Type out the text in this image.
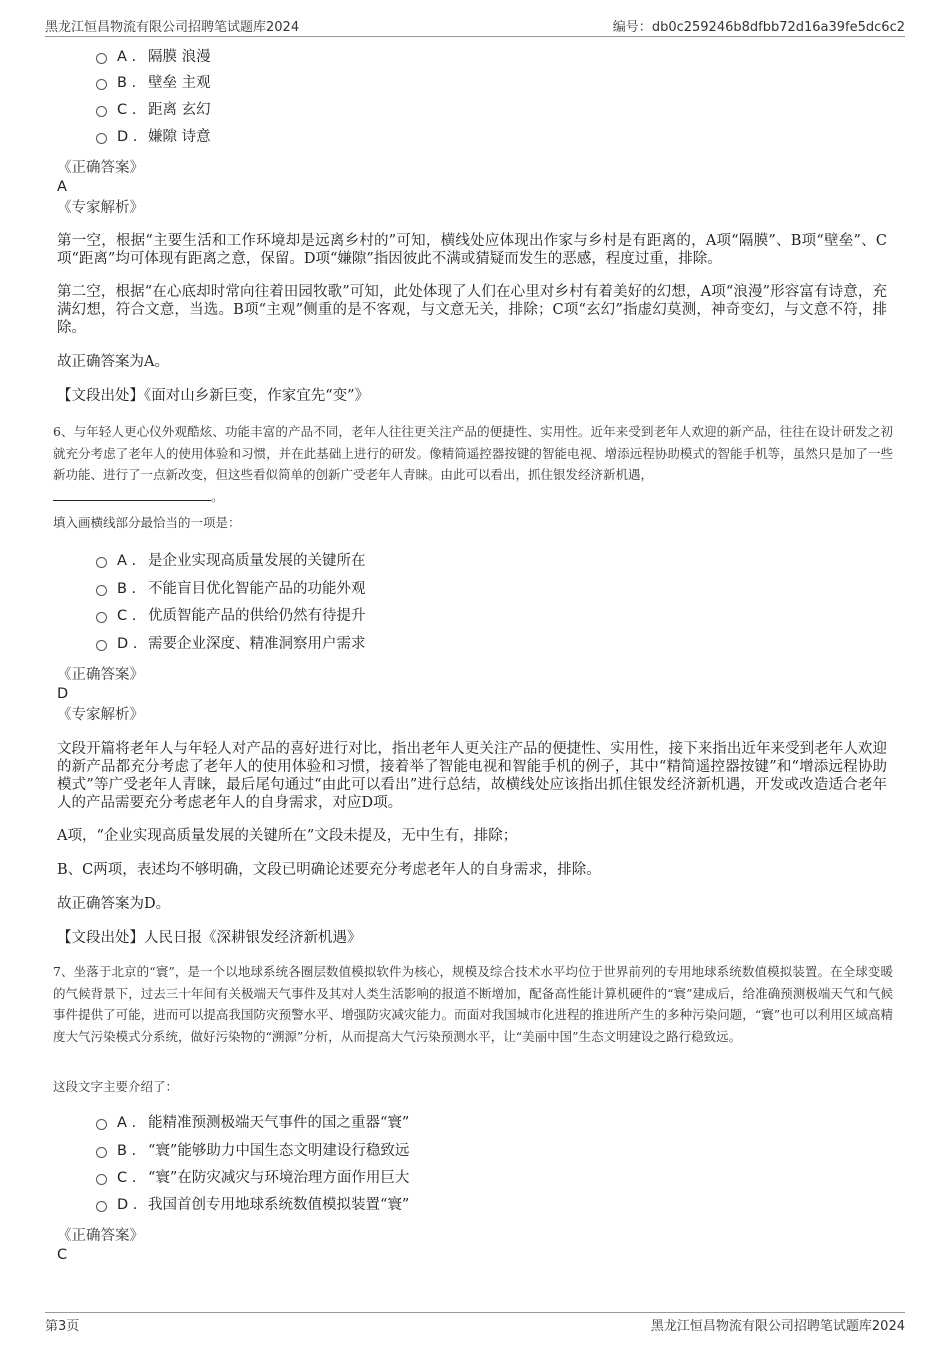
黑龙江恒昌物流有限公司招聘笔试题库2024	编号：db0c259246b8dfbb72d16a39fe5dc6c2
A . 隔膜 浪漫
B . 壁垒 主观
C . 距离 玄幻
D . 嫌隙 诗意
《正确答案》
A
《专家解析》

第一空，根据“主要生活和工作环境却是远离乡村的”可知，横线处应体现出作家与乡村是有距离的，A项“隔膜”、B项“壁垒”、C项“距离”均可体现有距离之意，保留。D项“嫌隙”指因彼此不满或猜疑而发生的恶感，程度过重，排除。

第二空，根据“在心底却时常向往着田园牧歌”可知，此处体现了人们在心里对乡村有着美好的幻想，A项“浪漫”形容富有诗意，充满幻想，符合文意，当选。B项“主观”侧重的是不客观，与文意无关，排除；C项“玄幻”指虚幻莫测，神奇变幻，与文意不符，排除。

故正确答案为A。

【文段出处】《面对山乡新巨变，作家宜先“变”》

6、与年轻人更心仪外观酷炫、功能丰富的产品不同，老年人往往更关注产品的便捷性、实用性。近年来受到老年人欢迎的新产品，往往在设计研发之初就充分考虑了老年人的使用体验和习惯，并在此基础上进行的研发。像精简遥控器按键的智能电视、增添远程协助模式的智能手机等，虽然只是加了一些新功能、进行了一点新改变，但这些看似简单的创新广受老年人青睐。由此可以看出，抓住银发经济新机遇，
。

填入画横线部分最恰当的一项是：
A . 是企业实现高质量发展的关键所在
B . 不能盲目优化智能产品的功能外观
C . 优质智能产品的供给仍然有待提升
D . 需要企业深度、精准洞察用户需求
《正确答案》
D
《专家解析》

文段开篇将老年人与年轻人对产品的喜好进行对比，指出老年人更关注产品的便捷性、实用性，接下来指出近年来受到老年人欢迎的新产品都充分考虑了老年人的使用体验和习惯，接着举了智能电视和智能手机的例子，其中“精简遥控器按键”和“增添远程协助模式”等广受老年人青睐，最后尾句通过“由此可以看出”进行总结，故横线处应该指出抓住银发经济新机遇，开发或改造适合老年人的产品需要充分考虑老年人的自身需求，对应D项。

A项，“企业实现高质量发展的关键所在”文段未提及，无中生有，排除；

B、C两项，表述均不够明确，文段已明确论述要充分考虑老年人的自身需求，排除。

故正确答案为D。

【文段出处】人民日报《深耕银发经济新机遇》

7、坐落于北京的“寰”，是一个以地球系统各圈层数值模拟软件为核心，规模及综合技术水平均位于世界前列的专用地球系统数值模拟装置。在全球变暖的气候背景下，过去三十年间有关极端天气事件及其对人类生活影响的报道不断增加，配备高性能计算机硬件的“寰”建成后，给准确预测极端天气和气候事件提供了可能，进而可以提高我国防灾预警水平、增强防灾减灾能力。而面对我国城市化进程的推进所产生的多种污染问题，“寰”也可以利用区域高精度大气污染模式分系统，做好污染物的“溯源”分析，从而提高大气污染预测水平，让“美丽中国”生态文明建设之路行稳致远。

这段文字主要介绍了：
A . 能精准预测极端天气事件的国之重器“寰”
B . “寰”能够助力中国生态文明建设行稳致远
C . “寰”在防灾减灾与环境治理方面作用巨大
D . 我国首创专用地球系统数值模拟装置“寰”
《正确答案》
C
第3页	黑龙江恒昌物流有限公司招聘笔试题库2024
